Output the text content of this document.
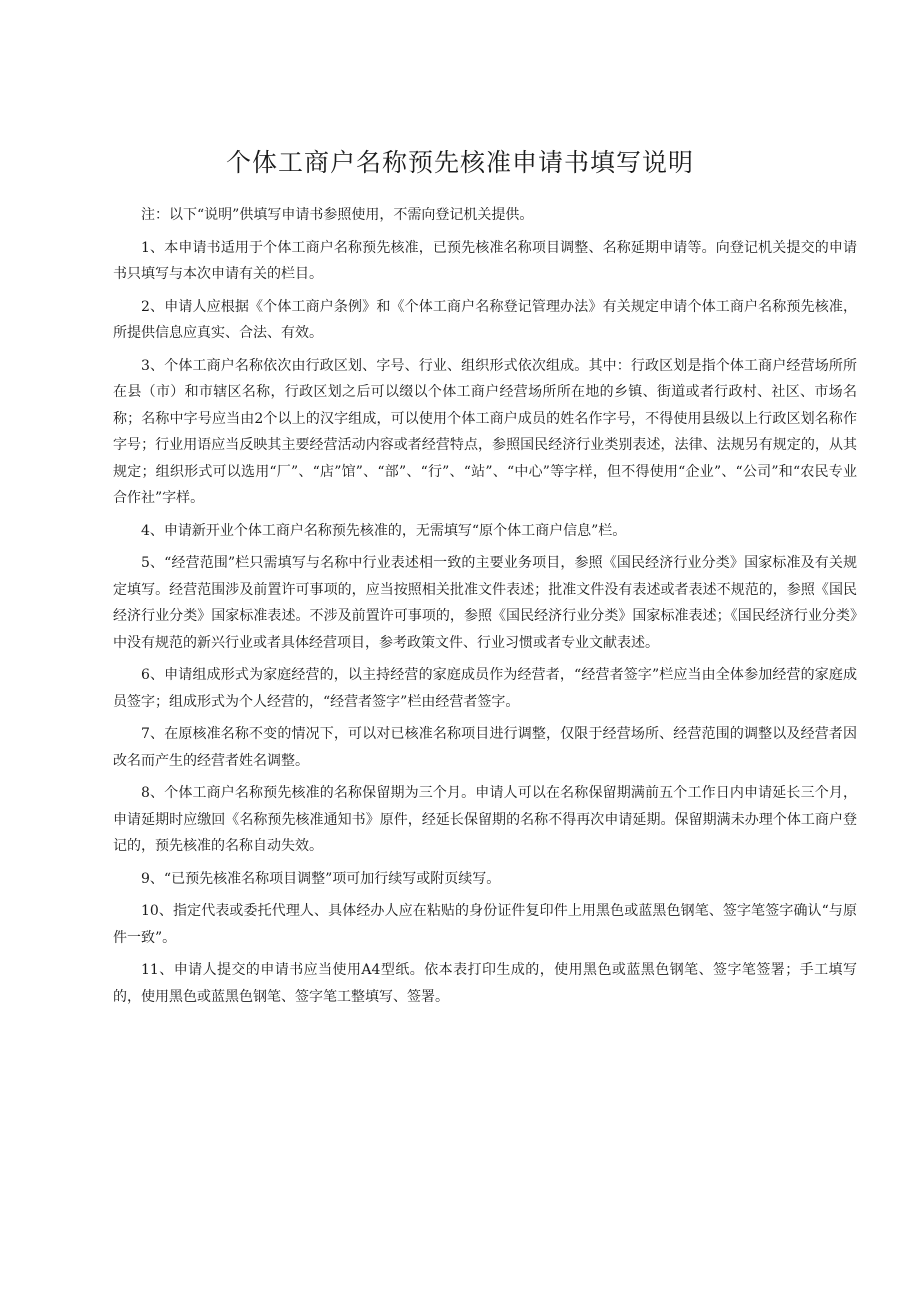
个体工商户名称预先核准申请书填写说明

注：以下“说明”供填写申请书参照使用，不需向登记机关提供。

1、本申请书适用于个体工商户名称预先核准，已预先核准名称项目调整、名称延期申请等。向登记机关提交的申请书只填写与本次申请有关的栏目。

2、申请人应根据《个体工商户条例》和《个体工商户名称登记管理办法》有关规定申请个体工商户名称预先核准，所提供信息应真实、合法、有效。

3、个体工商户名称依次由行政区划、字号、行业、组织形式依次组成。其中：行政区划是指个体工商户经营场所所在县（市）和市辖区名称，行政区划之后可以缀以个体工商户经营场所所在地的乡镇、街道或者行政村、社区、市场名称；名称中字号应当由2个以上的汉字组成，可以使用个体工商户成员的姓名作字号，不得使用县级以上行政区划名称作字号；行业用语应当反映其主要经营活动内容或者经营特点，参照国民经济行业类别表述，法律、法规另有规定的，从其规定；组织形式可以选用“厂”、“店”馆”、“部”、“行”、“站”、“中心”等字样，但不得使用“企业”、“公司”和“农民专业合作社”字样。

4、申请新开业个体工商户名称预先核准的，无需填写“原个体工商户信息”栏。

5、“经营范围”栏只需填写与名称中行业表述相一致的主要业务项目，参照《国民经济行业分类》国家标准及有关规定填写。经营范围涉及前置许可事项的，应当按照相关批准文件表述；批准文件没有表述或者表述不规范的，参照《国民经济行业分类》国家标准表述。不涉及前置许可事项的，参照《国民经济行业分类》国家标准表述；《国民经济行业分类》中没有规范的新兴行业或者具体经营项目，参考政策文件、行业习惯或者专业文献表述。

6、申请组成形式为家庭经营的，以主持经营的家庭成员作为经营者，“经营者签字”栏应当由全体参加经营的家庭成员签字；组成形式为个人经营的，“经营者签字”栏由经营者签字。

7、在原核准名称不变的情况下，可以对已核准名称项目进行调整，仅限于经营场所、经营范围的调整以及经营者因改名而产生的经营者姓名调整。

8、个体工商户名称预先核准的名称保留期为三个月。申请人可以在名称保留期满前五个工作日内申请延长三个月，申请延期时应缴回《名称预先核准通知书》原件，经延长保留期的名称不得再次申请延期。保留期满未办理个体工商户登记的，预先核准的名称自动失效。

9、“已预先核准名称项目调整”项可加行续写或附页续写。

10、指定代表或委托代理人、具体经办人应在粘贴的身份证件复印件上用黑色或蓝黑色钢笔、签字笔签字确认“与原件一致”。

11、申请人提交的申请书应当使用A4型纸。依本表打印生成的，使用黑色或蓝黑色钢笔、签字笔签署；手工填写的，使用黑色或蓝黑色钢笔、签字笔工整填写、签署。
